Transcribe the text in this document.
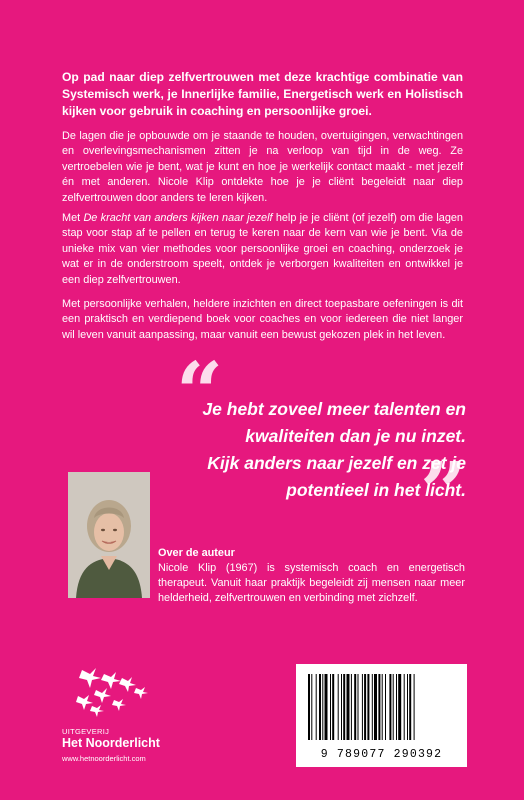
Op pad naar diep zelfvertrouwen met deze krachtige combinatie van Systemisch werk, je Innerlijke familie, Energetisch werk en Holistisch kijken voor gebruik in coaching en persoonlijke groei.

De lagen die je opbouwde om je staande te houden, overtuigingen, verwachtingen en overlevingsmechanismen zitten je na verloop van tijd in de weg. Ze vertroebelen wie je bent, wat je kunt en hoe je werkelijk contact maakt - met jezelf én met anderen. Nicole Klip ontdekte hoe je je cliënt begeleidt naar diep zelfvertrouwen door anders te leren kijken.

Met De kracht van anders kijken naar jezelf help je je cliënt (of jezelf) om die lagen stap voor stap af te pellen en terug te keren naar de kern van wie je bent. Via de unieke mix van vier methodes voor persoonlijke groei en coaching, onderzoek je wat er in de onderstroom speelt, ontdek je verborgen kwaliteiten en ontwikkel je een diep zelfvertrouwen.

Met persoonlijke verhalen, heldere inzichten en direct toepasbare oefeningen is dit een praktisch en verdiepend boek voor coaches en voor iedereen die niet langer wil leven vanuit aanpassing, maar vanuit een bewust gekozen plek in het leven.

“

Je hebt zoveel meer talenten en
kwaliteiten dan je nu inzet.
Kijk anders naar jezelf en zet je
potentieel in het licht.

”
Over de auteur

Nicole Klip (1967) is systemisch coach en energetisch therapeut. Vanuit haar praktijk begeleidt zij mensen naar meer helderheid, zelfvertrouwen en verbinding met zichzelf.

UITGEVERIJ
Het Noorderlicht
www.hetnoorderlicht.com	9 789077 290392
